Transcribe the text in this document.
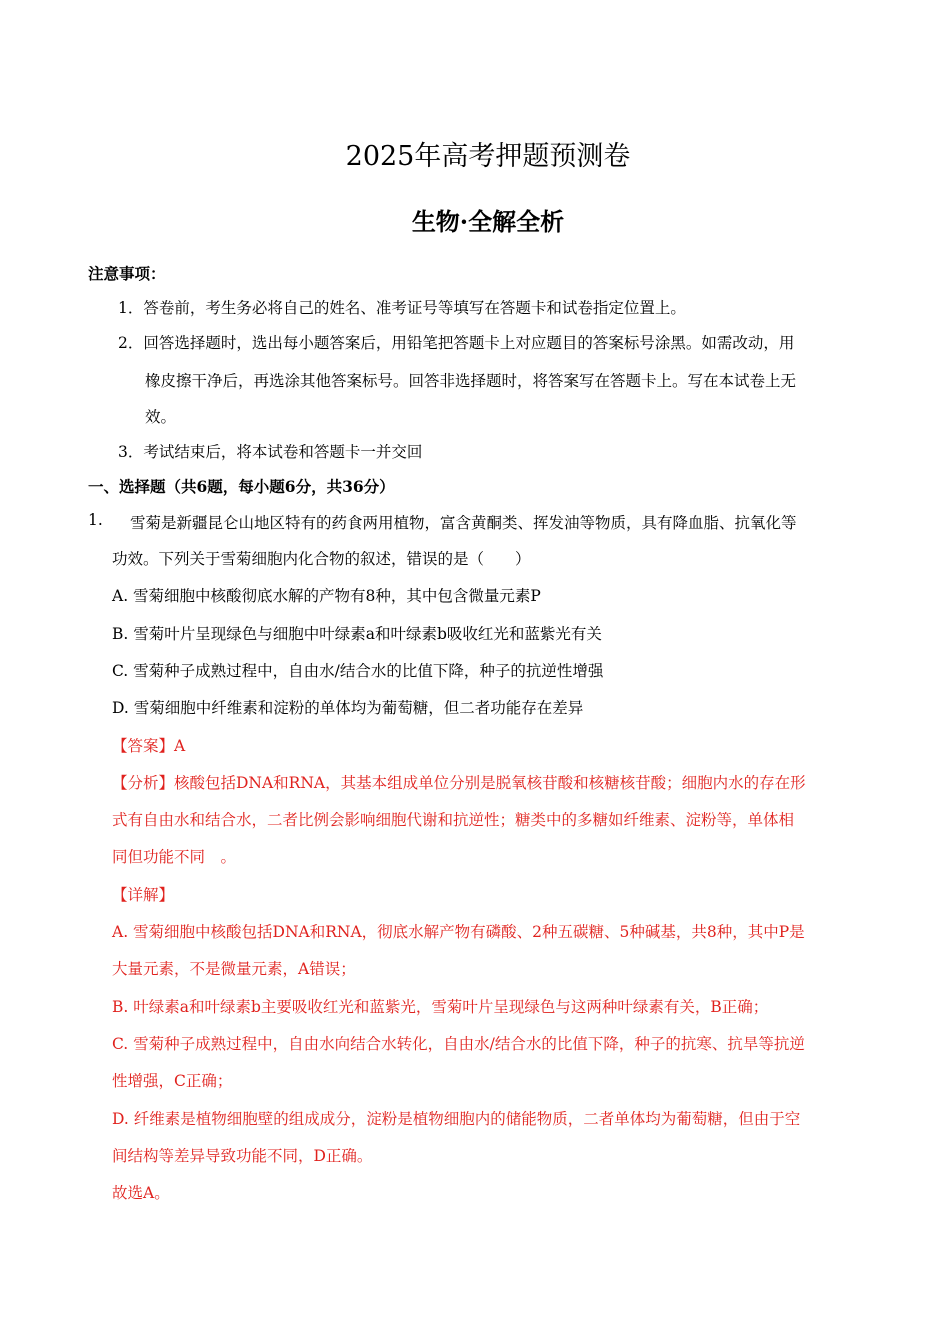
2025年高考押题预测卷
生物·全解全析
注意事项：
1．答卷前，考生务必将自己的姓名、准考证号等填写在答题卡和试卷指定位置上。
2．回答选择题时，选出每小题答案后，用铅笔把答题卡上对应题目的答案标号涂黑。如需改动，用
橡皮擦干净后，再选涂其他答案标号。回答非选择题时，将答案写在答题卡上。写在本试卷上无
效。
3．考试结束后，将本试卷和答题卡一并交回
一、选择题（共6题，每小题6分，共36分）
1. 雪菊是新疆昆仑山地区特有的药食两用植物，富含黄酮类、挥发油等物质，具有降血脂、抗氧化等
功效。下列关于雪菊细胞内化合物的叙述，错误的是（　　）
A. 雪菊细胞中核酸彻底水解的产物有8种，其中包含微量元素P
B. 雪菊叶片呈现绿色与细胞中叶绿素a和叶绿素b吸收红光和蓝紫光有关
C. 雪菊种子成熟过程中，自由水/结合水的比值下降，种子的抗逆性增强
D. 雪菊细胞中纤维素和淀粉的单体均为葡萄糖，但二者功能存在差异
【答案】A
【分析】核酸包括DNA和RNA，其基本组成单位分别是脱氧核苷酸和核糖核苷酸；细胞内水的存在形
式有自由水和结合水，二者比例会影响细胞代谢和抗逆性；糖类中的多糖如纤维素、淀粉等，单体相
同但功能不同　。
【详解】
A. 雪菊细胞中核酸包括DNA和RNA，彻底水解产物有磷酸、2种五碳糖、5种碱基，共8种，其中P是
大量元素，不是微量元素，A错误；
B. 叶绿素a和叶绿素b主要吸收红光和蓝紫光，雪菊叶片呈现绿色与这两种叶绿素有关，B正确；
C. 雪菊种子成熟过程中，自由水向结合水转化，自由水/结合水的比值下降，种子的抗寒、抗旱等抗逆
性增强，C正确；
D. 纤维素是植物细胞壁的组成成分，淀粉是植物细胞内的储能物质，二者单体均为葡萄糖，但由于空
间结构等差异导致功能不同，D正确。
故选A。
